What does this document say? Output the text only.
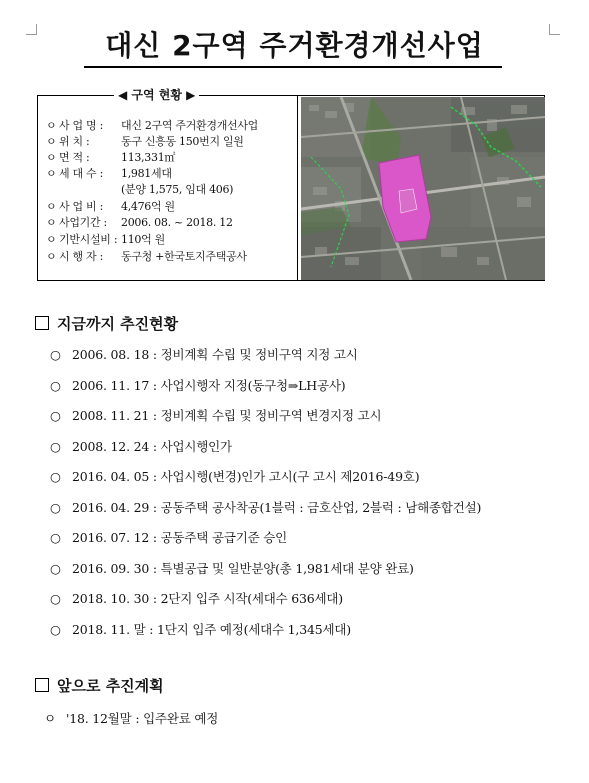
대신 2구역 주거환경개선사업
◀ 구역 현황 ▶
ㅇ 사 업 명 : 대신 2구역 주거환경개선사업
ㅇ 위 치 :	동구 신흥동 150번지 일원
ㅇ 면 적 :	113,331㎡
ㅇ 세 대 수 : 1,981세대
(분양 1,575, 임대 406)
ㅇ 사 업 비 : 4,476억 원
ㅇ 사업기간 : 2006. 08. ~ 2018. 12
ㅇ 기반시설비 : 110억 원
ㅇ 시 행 자 : 동구청 +한국토지주택공사
지금까지 추진현황
○ 2006. 08. 18 : 정비계획 수립 및 정비구역 지정 고시
○ 2006. 11. 17 : 사업시행자 지정(동구청⇒LH공사)
○ 2008. 11. 21 : 정비계획 수립 및 정비구역 변경지정 고시
○ 2008. 12. 24 : 사업시행인가
○ 2016. 04. 05 : 사업시행(변경)인가 고시(구 고시 제2016-49호)
○ 2016. 04. 29 : 공동주택 공사착공(1블럭 : 금호산업, 2블럭 : 남해종합건설)
○ 2016. 07. 12 : 공동주택 공급기준 승인
○ 2016. 09. 30 : 특별공급 및 일반분양(총 1,981세대 분양 완료)
○ 2018. 10. 30 : 2단지 입주 시작(세대수 636세대)
○ 2018. 11. 말 : 1단지 입주 예정(세대수 1,345세대)
앞으로 추진계획
ㅇ '18. 12월말 : 입주완료 예정
